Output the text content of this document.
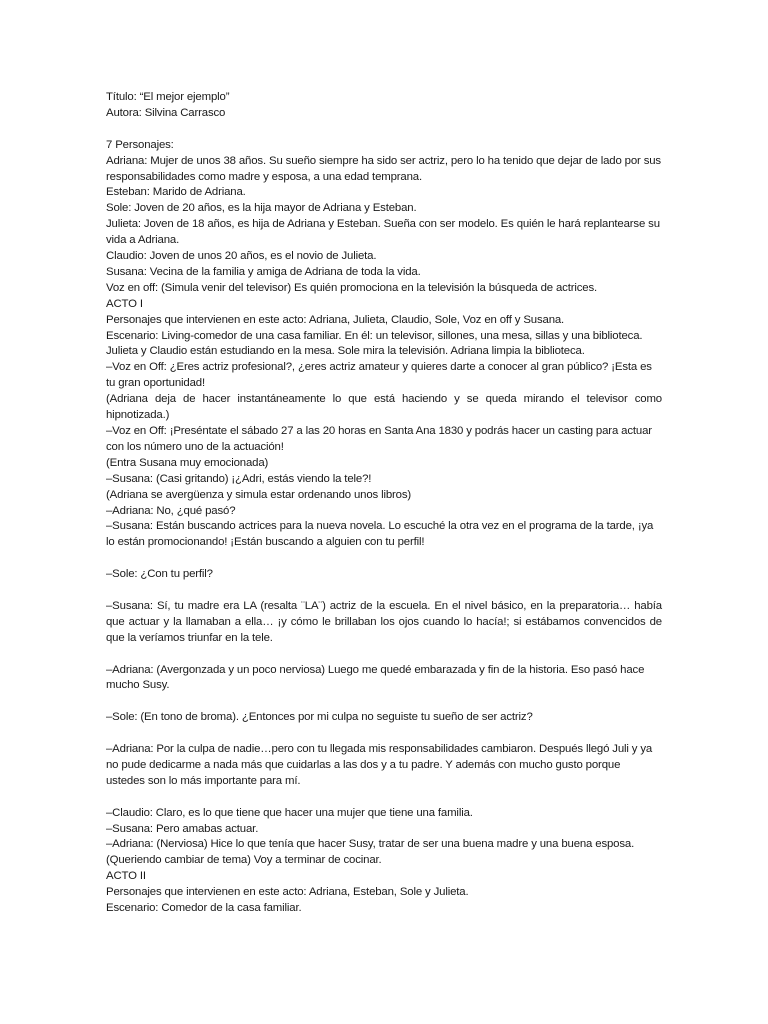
Título: “El mejor ejemplo”

Autora: Silvina Carrasco

7 Personajes:

Adriana: Mujer de unos 38 años. Su sueño siempre ha sido ser actriz, pero lo ha tenido que dejar de lado por sus responsabilidades como madre y esposa, a una edad temprana.

Esteban: Marido de Adriana.

Sole: Joven de 20 años, es la hija mayor de Adriana y Esteban.

Julieta: Joven de 18 años, es hija de Adriana y Esteban. Sueña con ser modelo. Es quién le hará replantearse su vida a Adriana.

Claudio: Joven de unos 20 años, es el novio de Julieta.

Susana: Vecina de la familia y amiga de Adriana de toda la vida.

Voz en off: (Simula venir del televisor) Es quién promociona en la televisión la búsqueda de actrices.

ACTO I

Personajes que intervienen en este acto: Adriana, Julieta, Claudio, Sole, Voz en off y Susana.

Escenario: Living-comedor de una casa familiar. En él: un televisor, sillones, una mesa, sillas y una biblioteca.

Julieta y Claudio están estudiando en la mesa. Sole mira la televisión. Adriana limpia la biblioteca.

–Voz en Off: ¿Eres actriz profesional?, ¿eres actriz amateur y quieres darte a conocer al gran público? ¡Esta es tu gran oportunidad!

(Adriana deja de hacer instantáneamente lo que está haciendo y se queda mirando el televisor como hipnotizada.)

–Voz en Off: ¡Preséntate el sábado 27 a las 20 horas en Santa Ana 1830 y podrás hacer un casting para actuar con los número uno de la actuación!

(Entra Susana muy emocionada)

–Susana: (Casi gritando) ¡¿Adri, estás viendo la tele?!

(Adriana se avergüenza y simula estar ordenando unos libros)

–Adriana: No, ¿qué pasó?

–Susana: Están buscando actrices para la nueva novela. Lo escuché la otra vez en el programa de la tarde, ¡ya lo están promocionando! ¡Están buscando a alguien con tu perfil!

–Sole: ¿Con tu perfil?

–Susana: Sí, tu madre era LA (resalta ¨LA¨) actriz de la escuela. En el nivel básico, en la preparatoria… había que actuar y la llamaban a ella… ¡y cómo le brillaban los ojos cuando lo hacía!; si estábamos convencidos de que la veríamos triunfar en la tele.

–Adriana: (Avergonzada y un poco nerviosa) Luego me quedé embarazada y fin de la historia. Eso pasó hace mucho Susy.

–Sole: (En tono de broma). ¿Entonces por mi culpa no seguiste tu sueño de ser actriz?

–Adriana: Por la culpa de nadie…pero con tu llegada mis responsabilidades cambiaron. Después llegó Juli y ya no pude dedicarme a nada más que cuidarlas a las dos y a tu padre. Y además con mucho gusto porque ustedes son lo más importante para mí.

–Claudio: Claro, es lo que tiene que hacer una mujer que tiene una familia.

–Susana: Pero amabas actuar.

–Adriana: (Nerviosa) Hice lo que tenía que hacer Susy, tratar de ser una buena madre y una buena esposa. (Queriendo cambiar de tema) Voy a terminar de cocinar.

ACTO II

Personajes que intervienen en este acto: Adriana, Esteban, Sole y Julieta.

Escenario: Comedor de la casa familiar.
